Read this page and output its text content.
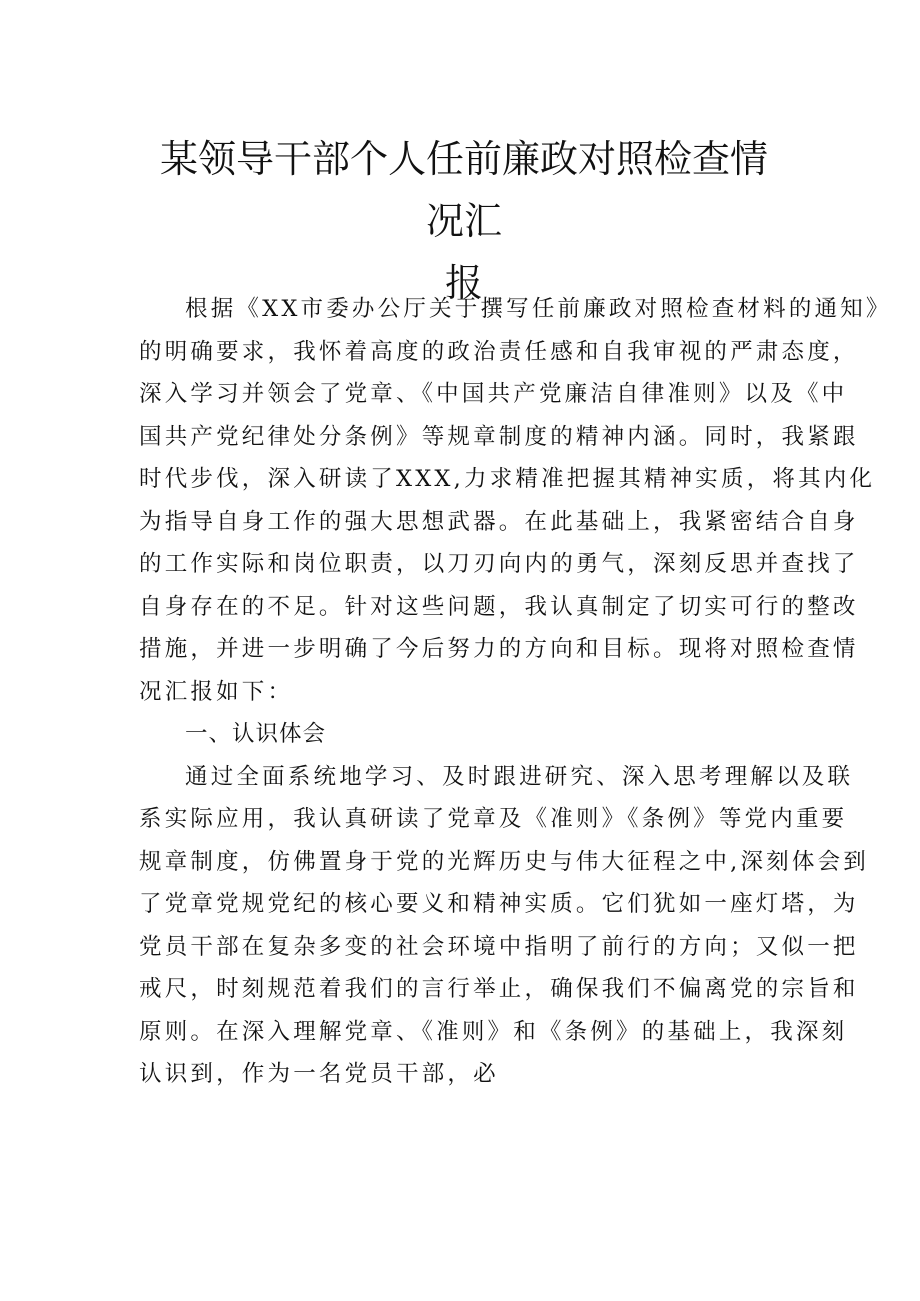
某领导干部个人任前廉政对照检查情况汇
报
根据《XX市委办公厅关于撰写任前廉政对照检查材料的通知》
的明确要求，我怀着高度的政治责任感和自我审视的严肃态度，
深入学习并领会了党章、《中国共产党廉洁自律准则》以及《中
国共产党纪律处分条例》等规章制度的精神内涵。同时，我紧跟
时代步伐，深入研读了XXX,力求精准把握其精神实质，将其内化
为指导自身工作的强大思想武器。在此基础上，我紧密结合自身
的工作实际和岗位职责，以刀刃向内的勇气，深刻反思并查找了
自身存在的不足。针对这些问题，我认真制定了切实可行的整改
措施，并进一步明确了今后努力的方向和目标。现将对照检查情
况汇报如下：
一、认识体会
通过全面系统地学习、及时跟进研究、深入思考理解以及联
系实际应用，我认真研读了党章及《准则》《条例》等党内重要
规章制度，仿佛置身于党的光辉历史与伟大征程之中,深刻体会到
了党章党规党纪的核心要义和精神实质。它们犹如一座灯塔，为
党员干部在复杂多变的社会环境中指明了前行的方向；又似一把
戒尺，时刻规范着我们的言行举止，确保我们不偏离党的宗旨和
原则。在深入理解党章、《准则》和《条例》的基础上，我深刻
认识到，作为一名党员干部，必
